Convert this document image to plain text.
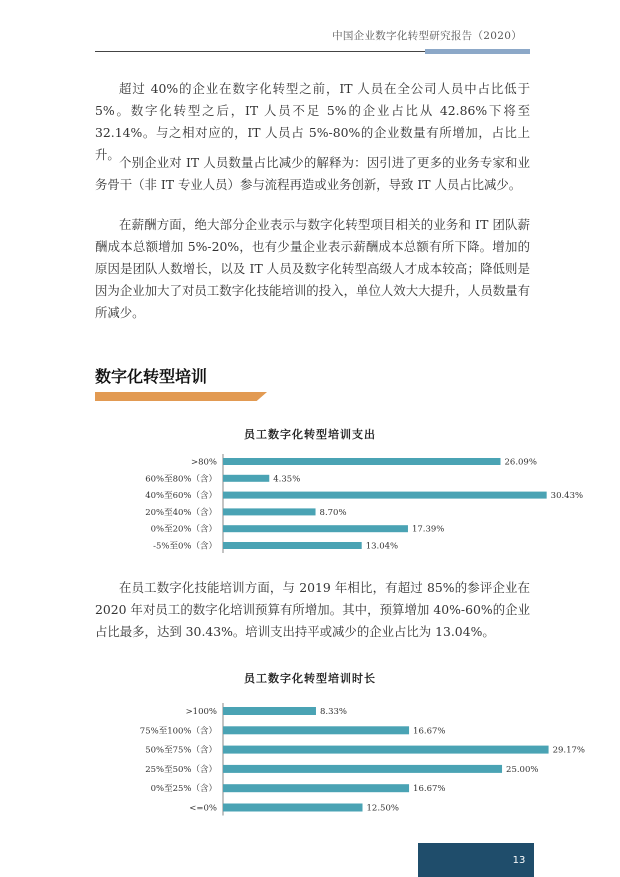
中国企业数字化转型研究报告（2020）

超过 40%的企业在数字化转型之前，IT 人员在全公司人员中占比低于 5%。数字化转型之后，IT 人员不足 5%的企业占比从 42.86%下将至 32.14%。与之相对应的，IT 人员占 5%-80%的企业数量有所增加，占比上升。

个别企业对 IT 人员数量占比减少的解释为：因引进了更多的业务专家和业务骨干（非 IT 专业人员）参与流程再造或业务创新，导致 IT 人员占比减少。

在薪酬方面，绝大部分企业表示与数字化转型项目相关的业务和 IT 团队薪酬成本总额增加 5%-20%，也有少量企业表示薪酬成本总额有所下降。增加的原因是团队人数增长，以及 IT 人员及数字化转型高级人才成本较高；降低则是因为企业加大了对员工数字化技能培训的投入，单位人效大大提升，人员数量有所减少。

数字化转型培训
员工数字化转型培训支出
>80%	26.09%
60%至80%（含）	4.35%
40%至60%（含）	30.43%
20%至40%（含）	8.70%
0%至20%（含）	17.39%
-5%至0%（含）	13.04%

在员工数字化技能培训方面，与 2019 年相比，有超过 85%的参评企业在 2020 年对员工的数字化培训预算有所增加。其中，预算增加 40%-60%的企业占比最多，达到 30.43%。培训支出持平或减少的企业占比为 13.04%。

员工数字化转型培训时长
>100%	8.33%
75%至100%（含）	16.67%
50%至75%（含）	29.17%
25%至50%（含）	25.00%
0%至25%（含）	16.67%
<=0%	12.50%
13
